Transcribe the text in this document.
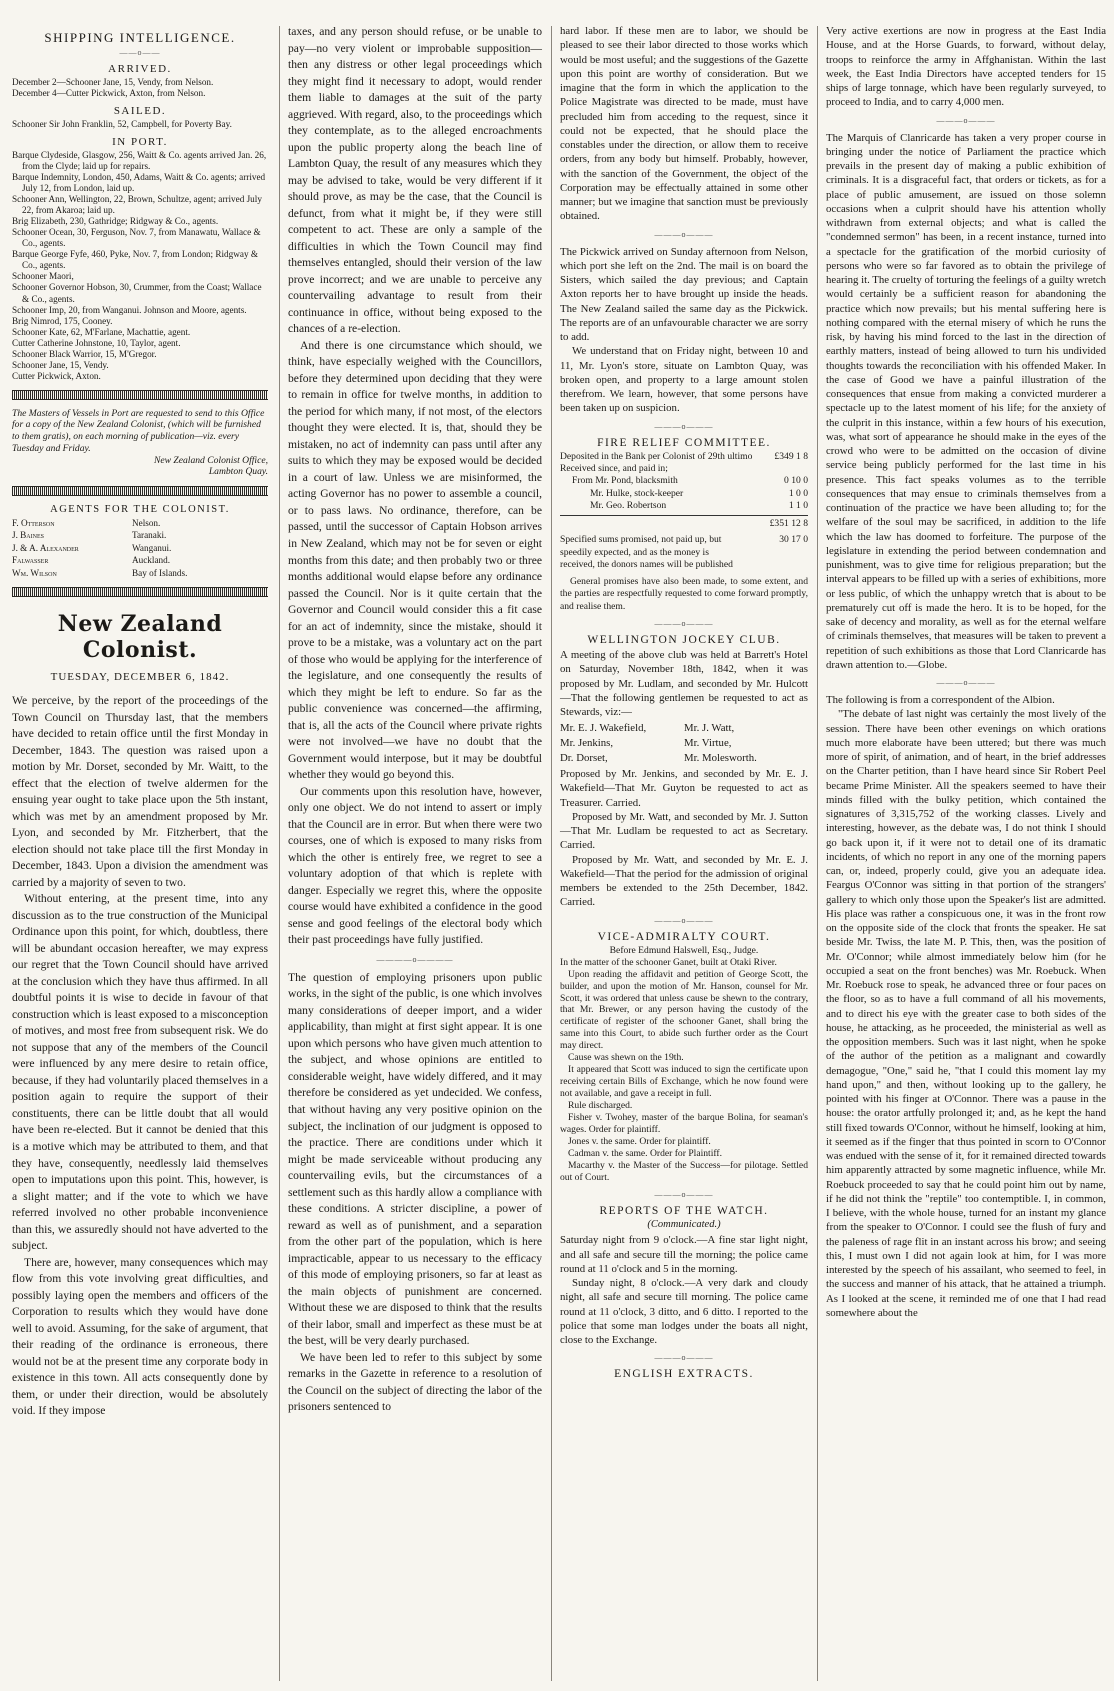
SHIPPING INTELLIGENCE.
——o——
ARRIVED.

December 2—Schooner Jane, 15, Vendy, from Nelson.

December 4—Cutter Pickwick, Axton, from Nelson.

SAILED.

Schooner Sir John Franklin, 52, Campbell, for Poverty Bay.

IN PORT.

Barque Clydeside, Glasgow, 256, Waitt & Co. agents arrived Jan. 26, from the Clyde; laid up for repairs.

Barque Indemnity, London, 450, Adams, Waitt & Co. agents; arrived July 12, from London, laid up.

Schooner Ann, Wellington, 22, Brown, Schultze, agent; arrived July 22, from Akaroa; laid up.

Brig Elizabeth, 230, Gathridge; Ridgway & Co., agents.

Schooner Ocean, 30, Ferguson, Nov. 7, from Manawatu, Wallace & Co., agents.

Barque George Fyfe, 460, Pyke, Nov. 7, from London; Ridgway & Co., agents.

Schooner Maori,

Schooner Governor Hobson, 30, Crummer, from the Coast; Wallace & Co., agents.

Schooner Imp, 20, from Wanganui. Johnson and Moore, agents.

Brig Nimrod, 175, Cooney.

Schooner Kate, 62, M'Farlane, Machattie, agent.

Cutter Catherine Johnstone, 10, Taylor, agent.

Schooner Black Warrior, 15, M'Gregor.

Schooner Jane, 15, Vendy.

Cutter Pickwick, Axton.

The Masters of Vessels in Port are requested to send to this Office for a copy of the New Zealand Colonist, (which will be furnished to them gratis), on each morning of publication—viz. every Tuesday and Friday.
New Zealand Colonist Office,
Lambton Quay.
AGENTS FOR THE COLONIST.
F. Otterson	Nelson.
J. Baines	Taranaki.
J. & A. Alexander	Wanganui.
Falwasser	Auckland.
Wm. Wilson	Bay of Islands.
New Zealand Colonist.
TUESDAY, DECEMBER 6, 1842.

We perceive, by the report of the proceedings of the Town Council on Thursday last, that the members have decided to retain office until the first Monday in December, 1843. The question was raised upon a motion by Mr. Dorset, seconded by Mr. Waitt, to the effect that the election of twelve aldermen for the ensuing year ought to take place upon the 5th instant, which was met by an amendment proposed by Mr. Lyon, and seconded by Mr. Fitzherbert, that the election should not take place till the first Monday in December, 1843. Upon a division the amendment was carried by a majority of seven to two.

Without entering, at the present time, into any discussion as to the true construction of the Municipal Ordinance upon this point, for which, doubtless, there will be abundant occasion hereafter, we may express our regret that the Town Council should have arrived at the conclusion which they have thus affirmed. In all doubtful points it is wise to decide in favour of that construction which is least exposed to a misconception of motives, and most free from subsequent risk. We do not suppose that any of the members of the Council were influenced by any mere desire to retain office, because, if they had voluntarily placed themselves in a position again to require the support of their constituents, there can be little doubt that all would have been re-elected. But it cannot be denied that this is a motive which may be attributed to them, and that they have, consequently, needlessly laid themselves open to imputations upon this point. This, however, is a slight matter; and if the vote to which we have referred involved no other probable inconvenience than this, we assuredly should not have adverted to the subject.

There are, however, many consequences which may flow from this vote involving great difficulties, and possibly laying open the members and officers of the Corporation to results which they would have done well to avoid. Assuming, for the sake of argument, that their reading of the ordinance is erroneous, there would not be at the present time any corporate body in existence in this town. All acts consequently done by them, or under their direction, would be absolutely void. If they impose

taxes, and any person should refuse, or be unable to pay—no very violent or improbable supposition—then any distress or other legal proceedings which they might find it necessary to adopt, would render them liable to damages at the suit of the party aggrieved. With regard, also, to the proceedings which they contemplate, as to the alleged encroachments upon the public property along the beach line of Lambton Quay, the result of any measures which they may be advised to take, would be very different if it should prove, as may be the case, that the Council is defunct, from what it might be, if they were still competent to act. These are only a sample of the difficulties in which the Town Council may find themselves entangled, should their version of the law prove incorrect; and we are unable to perceive any countervailing advantage to result from their continuance in office, without being exposed to the chances of a re-election.

And there is one circumstance which should, we think, have especially weighed with the Councillors, before they determined upon deciding that they were to remain in office for twelve months, in addition to the period for which many, if not most, of the electors thought they were elected. It is, that, should they be mistaken, no act of indemnity can pass until after any suits to which they may be exposed would be decided in a court of law. Unless we are misinformed, the acting Governor has no power to assemble a council, or to pass laws. No ordinance, therefore, can be passed, until the successor of Captain Hobson arrives in New Zealand, which may not be for seven or eight months from this date; and then probably two or three months additional would elapse before any ordinance passed the Council. Nor is it quite certain that the Governor and Council would consider this a fit case for an act of indemnity, since the mistake, should it prove to be a mistake, was a voluntary act on the part of those who would be applying for the interference of the legislature, and one consequently the results of which they might be left to endure. So far as the public convenience was concerned—the affirming, that is, all the acts of the Council where private rights were not involved—we have no doubt that the Government would interpose, but it may be doubtful whether they would go beyond this.

Our comments upon this resolution have, however, only one object. We do not intend to assert or imply that the Council are in error. But when there were two courses, one of which is exposed to many risks from which the other is entirely free, we regret to see a voluntary adoption of that which is replete with danger. Especially we regret this, where the opposite course would have exhibited a confidence in the good sense and good feelings of the electoral body which their past proceedings have fully justified.

————o————

The question of employing prisoners upon public works, in the sight of the public, is one which involves many considerations of deeper import, and a wider applicability, than might at first sight appear. It is one upon which persons who have given much attention to the subject, and whose opinions are entitled to considerable weight, have widely differed, and it may therefore be considered as yet undecided. We confess, that without having any very positive opinion on the subject, the inclination of our judgment is opposed to the practice. There are conditions under which it might be made serviceable without producing any countervailing evils, but the circumstances of a settlement such as this hardly allow a compliance with these conditions. A stricter discipline, a power of reward as well as of punishment, and a separation from the other part of the population, which is here impracticable, appear to us necessary to the efficacy of this mode of employing prisoners, so far at least as the main objects of punishment are concerned. Without these we are disposed to think that the results of their labor, small and imperfect as these must be at the best, will be very dearly purchased.

We have been led to refer to this subject by some remarks in the Gazette in reference to a resolution of the Council on the subject of directing the labor of the prisoners sentenced to

hard labor. If these men are to labor, we should be pleased to see their labor directed to those works which would be most useful; and the suggestions of the Gazette upon this point are worthy of consideration. But we imagine that the form in which the application to the Police Magistrate was directed to be made, must have precluded him from acceding to the request, since it could not be expected, that he should place the constables under the direction, or allow them to receive orders, from any body but himself. Probably, however, with the sanction of the Government, the object of the Corporation may be effectually attained in some other manner; but we imagine that sanction must be previously obtained.

———o———

The Pickwick arrived on Sunday afternoon from Nelson, which port she left on the 2nd. The mail is on board the Sisters, which sailed the day previous; and Captain Axton reports her to have brought up inside the heads. The New Zealand sailed the same day as the Pickwick. The reports are of an unfavourable character we are sorry to add.

We understand that on Friday night, between 10 and 11, Mr. Lyon's store, situate on Lambton Quay, was broken open, and property to a large amount stolen therefrom. We learn, however, that some persons have been taken up on suspicion.

———o———
FIRE RELIEF COMMITTEE.
Deposited in the Bank per Colonist of 29th ultimo £349 1 8
Received since, and paid in;
From Mr. Pond, blacksmith	0 10 0
Mr. Hulke, stock-keeper	1 0 0
Mr. Geo. Robertson	1 1 0
£351 12 8
Specified sums promised, not paid up, but speedily expected, and as the money is received, the donors names will be published
30 17 0
General promises have also been made, to some extent, and the parties are respectfully requested to come forward promptly, and realise them.
———o———
WELLINGTON JOCKEY CLUB.

A meeting of the above club was held at Barrett's Hotel on Saturday, November 18th, 1842, when it was proposed by Mr. Ludlam, and seconded by Mr. Hulcott—That the following gentlemen be requested to act as Stewards, viz:—

Mr. E. J. Wakefield,	Mr. J. Watt,
Mr. Jenkins,	Mr. Virtue,
Dr. Dorset,	Mr. Molesworth.

Proposed by Mr. Jenkins, and seconded by Mr. E. J. Wakefield—That Mr. Guyton be requested to act as Treasurer. Carried.

Proposed by Mr. Watt, and seconded by Mr. J. Sutton—That Mr. Ludlam be requested to act as Secretary. Carried.

Proposed by Mr. Watt, and seconded by Mr. E. J. Wakefield—That the period for the admission of original members be extended to the 25th December, 1842. Carried.

———o———
VICE-ADMIRALTY COURT.

Before Edmund Halswell, Esq., Judge.

In the matter of the schooner Ganet, built at Otaki River.

Upon reading the affidavit and petition of George Scott, the builder, and upon the motion of Mr. Hanson, counsel for Mr. Scott, it was ordered that unless cause be shewn to the contrary, that Mr. Brewer, or any person having the custody of the certificate of register of the schooner Ganet, shall bring the same into this Court, to abide such further order as the Court may direct.

Cause was shewn on the 19th.

It appeared that Scott was induced to sign the certificate upon receiving certain Bills of Exchange, which he now found were not available, and gave a receipt in full.

Rule discharged.

Fisher v. Twohey, master of the barque Bolina, for seaman's wages. Order for plaintiff.

Jones v. the same. Order for plaintiff.

Cadman v. the same. Order for Plaintiff.

Macarthy v. the Master of the Success—for pilotage. Settled out of Court.

———o———
REPORTS OF THE WATCH.
(Communicated.)

Saturday night from 9 o'clock.—A fine star light night, and all safe and secure till the morning; the police came round at 11 o'clock and 5 in the morning.

Sunday night, 8 o'clock.—A very dark and cloudy night, all safe and secure till morning. The police came round at 11 o'clock, 3 ditto, and 6 ditto. I reported to the police that some man lodges under the boats all night, close to the Exchange.

———o———
ENGLISH EXTRACTS.

Very active exertions are now in progress at the East India House, and at the Horse Guards, to forward, without delay, troops to reinforce the army in Affghanistan. Within the last week, the East India Directors have accepted tenders for 15 ships of large tonnage, which have been regularly surveyed, to proceed to India, and to carry 4,000 men.

———o———

The Marquis of Clanricarde has taken a very proper course in bringing under the notice of Parliament the practice which prevails in the present day of making a public exhibition of criminals. It is a disgraceful fact, that orders or tickets, as for a place of public amusement, are issued on those solemn occasions when a culprit should have his attention wholly withdrawn from external objects; and what is called the "condemned sermon" has been, in a recent instance, turned into a spectacle for the gratification of the morbid curiosity of persons who were so far favored as to obtain the privilege of hearing it. The cruelty of torturing the feelings of a guilty wretch would certainly be a sufficient reason for abandoning the practice which now prevails; but his mental suffering here is nothing compared with the eternal misery of which he runs the risk, by having his mind forced to the last in the direction of earthly matters, instead of being allowed to turn his undivided thoughts towards the reconciliation with his offended Maker. In the case of Good we have a painful illustration of the consequences that ensue from making a convicted murderer a spectacle up to the latest moment of his life; for the anxiety of the culprit in this instance, within a few hours of his execution, was, what sort of appearance he should make in the eyes of the crowd who were to be admitted on the occasion of divine service being publicly performed for the last time in his presence. This fact speaks volumes as to the terrible consequences that may ensue to criminals themselves from a continuation of the practice we have been alluding to; for the welfare of the soul may be sacrificed, in addition to the life which the law has doomed to forfeiture. The purpose of the legislature in extending the period between condemnation and punishment, was to give time for religious preparation; but the interval appears to be filled up with a series of exhibitions, more or less public, of which the unhappy wretch that is about to be prematurely cut off is made the hero. It is to be hoped, for the sake of decency and morality, as well as for the eternal welfare of criminals themselves, that measures will be taken to prevent a repetition of such exhibitions as those that Lord Clanricarde has drawn attention to.—Globe.

———o———

The following is from a correspondent of the Albion.

"The debate of last night was certainly the most lively of the session. There have been other evenings on which orations much more elaborate have been uttered; but there was much more of spirit, of animation, and of heart, in the brief addresses on the Charter petition, than I have heard since Sir Robert Peel became Prime Minister. All the speakers seemed to have their minds filled with the bulky petition, which contained the signatures of 3,315,752 of the working classes. Lively and interesting, however, as the debate was, I do not think I should go back upon it, if it were not to detail one of its dramatic incidents, of which no report in any one of the morning papers can, or, indeed, properly could, give you an adequate idea. Feargus O'Connor was sitting in that portion of the strangers' gallery to which only those upon the Speaker's list are admitted. His place was rather a conspicuous one, it was in the front row on the opposite side of the clock that fronts the speaker. He sat beside Mr. Twiss, the late M. P. This, then, was the position of Mr. O'Connor; while almost immediately below him (for he occupied a seat on the front benches) was Mr. Roebuck. When Mr. Roebuck rose to speak, he advanced three or four paces on the floor, so as to have a full command of all his movements, and to direct his eye with the greater case to both sides of the house, he attacking, as he proceeded, the ministerial as well as the opposition members. Such was it last night, when he spoke of the author of the petition as a malignant and cowardly demagogue, "One," said he, "that I could this moment lay my hand upon," and then, without looking up to the gallery, he pointed with his finger at O'Connor. There was a pause in the house: the orator artfully prolonged it; and, as he kept the hand still fixed towards O'Connor, without he himself, looking at him, it seemed as if the finger that thus pointed in scorn to O'Connor was endued with the sense of it, for it remained directed towards him apparently attracted by some magnetic influence, while Mr. Roebuck proceeded to say that he could point him out by name, if he did not think the "reptile" too contemptible. I, in common, I believe, with the whole house, turned for an instant my glance from the speaker to O'Connor. I could see the flush of fury and the paleness of rage flit in an instant across his brow; and seeing this, I must own I did not again look at him, for I was more interested by the speech of his assailant, who seemed to feel, in the success and manner of his attack, that he attained a triumph. As I looked at the scene, it reminded me of one that I had read somewhere about the
